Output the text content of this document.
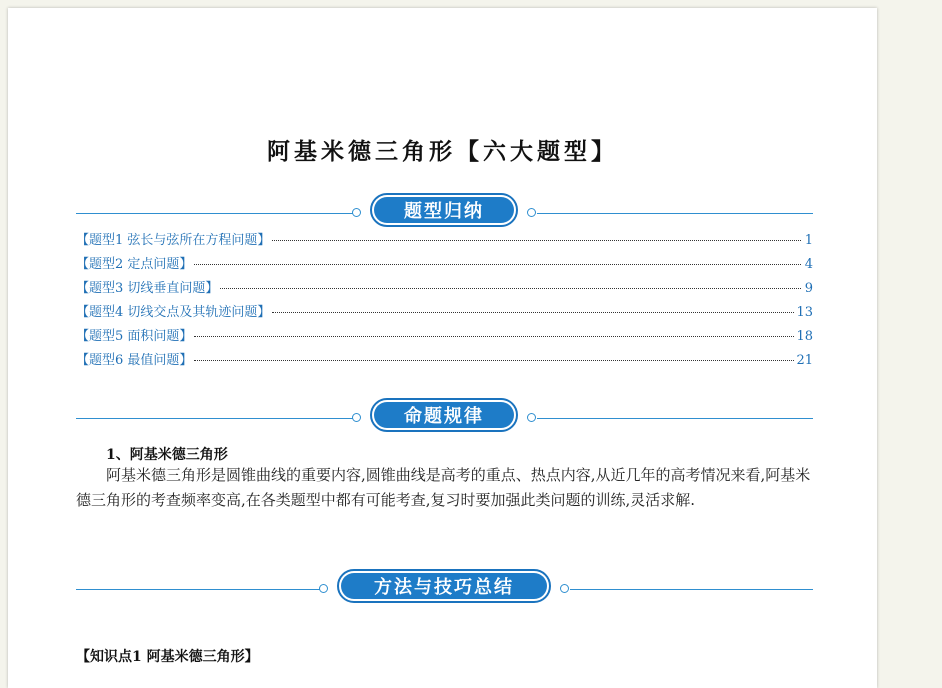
阿基米德三角形【六大题型】
题型归纳
【题型1 弦长与弦所在方程问题】	1
【题型2 定点问题】	4
【题型3 切线垂直问题】	9
【题型4 切线交点及其轨迹问题】	13
【题型5 面积问题】	18
【题型6 最值问题】	21
命题规律
1、阿基米德三角形
阿基米德三角形是圆锥曲线的重要内容,圆锥曲线是高考的重点、热点内容,从近几年的高考情况来看,阿基米德三角形的考查频率变高,在各类题型中都有可能考查,复习时要加强此类问题的训练,灵活求解.
方法与技巧总结
【知识点1 阿基米德三角形】
